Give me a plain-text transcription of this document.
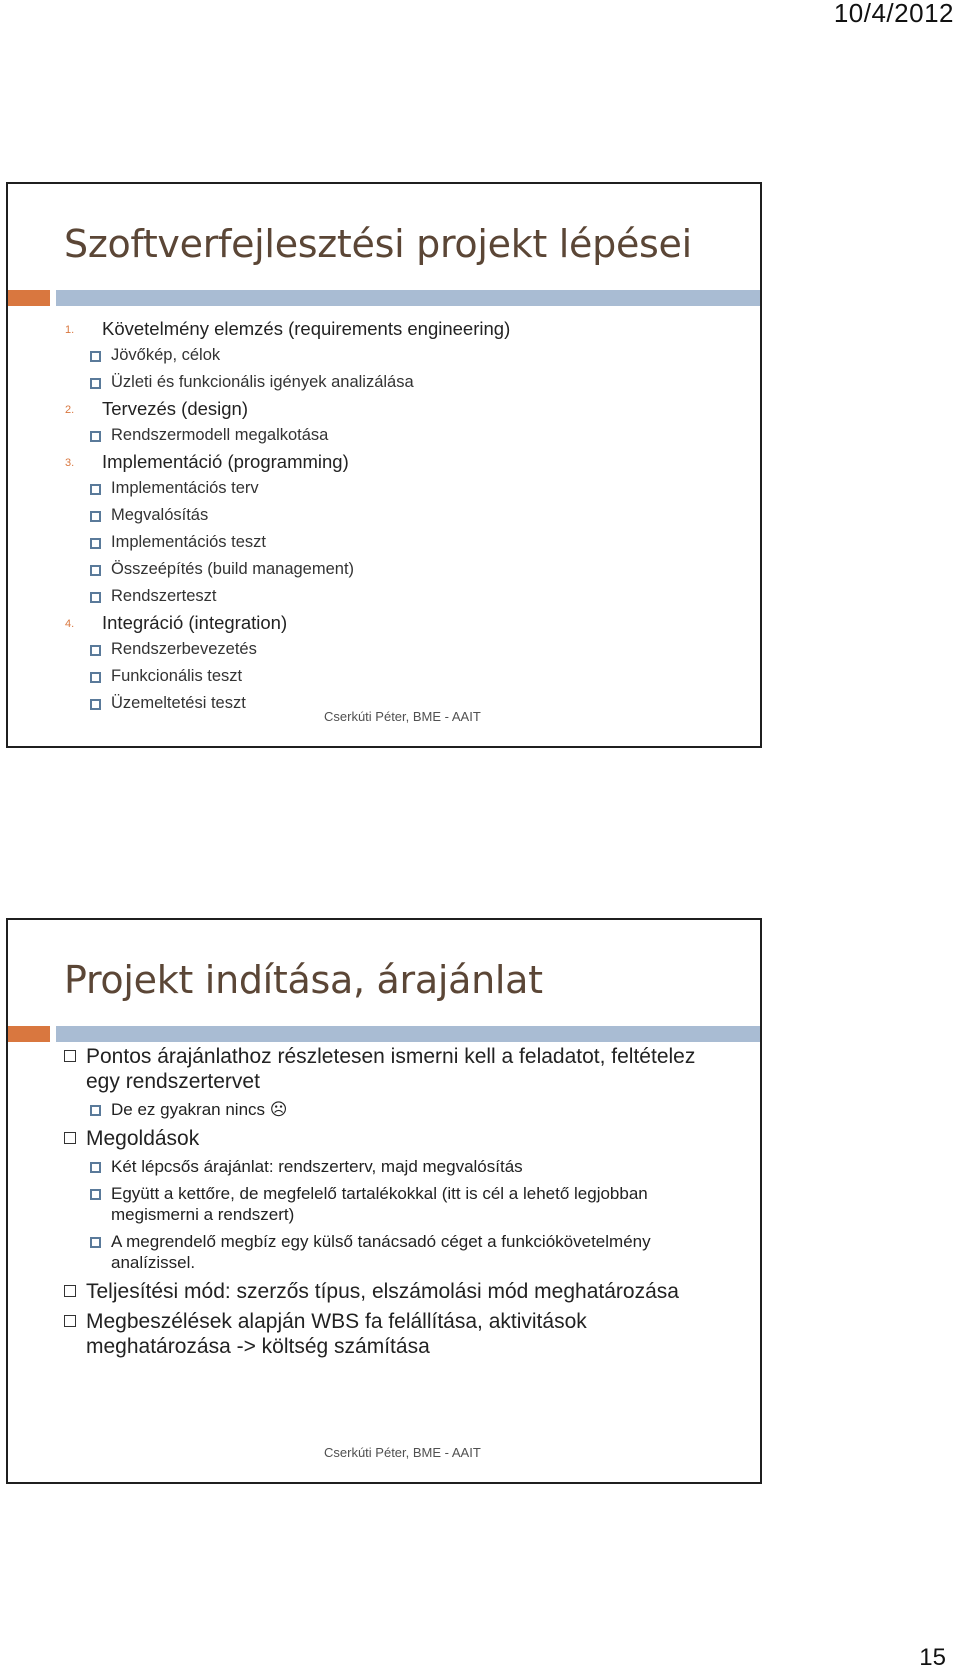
10/4/2012
Szoftverfejlesztési projekt lépései
1. Követelmény elemzés (requirements engineering)
Jövőkép, célok
Üzleti és funkcionális igények analizálása
2. Tervezés (design)
Rendszermodell megalkotása
3. Implementáció (programming)
Implementációs terv
Megvalósítás
Implementációs teszt
Összeépítés (build management)
Rendszerteszt
4. Integráció (integration)
Rendszerbevezetés
Funkcionális teszt
Üzemeltetési teszt
Cserkúti Péter, BME - AAIT
Projekt indítása, árajánlat
Pontos árajánlathoz részletesen ismerni kell a feladatot, feltételez egy rendszertervet
De ez gyakran nincs ☹
Megoldások
Két lépcsős árajánlat: rendszerterv, majd megvalósítás
Együtt a kettőre, de megfelelő tartalékokkal (itt is cél a lehető legjobban megismerni a rendszert)
A megrendelő megbíz egy külső tanácsadó céget a funkciókövetelmény analízissel.
Teljesítési mód: szerzős típus, elszámolási mód meghatározása
Megbeszélések alapján WBS fa felállítása, aktivitások meghatározása -> költség számítása
Cserkúti Péter, BME - AAIT
15
